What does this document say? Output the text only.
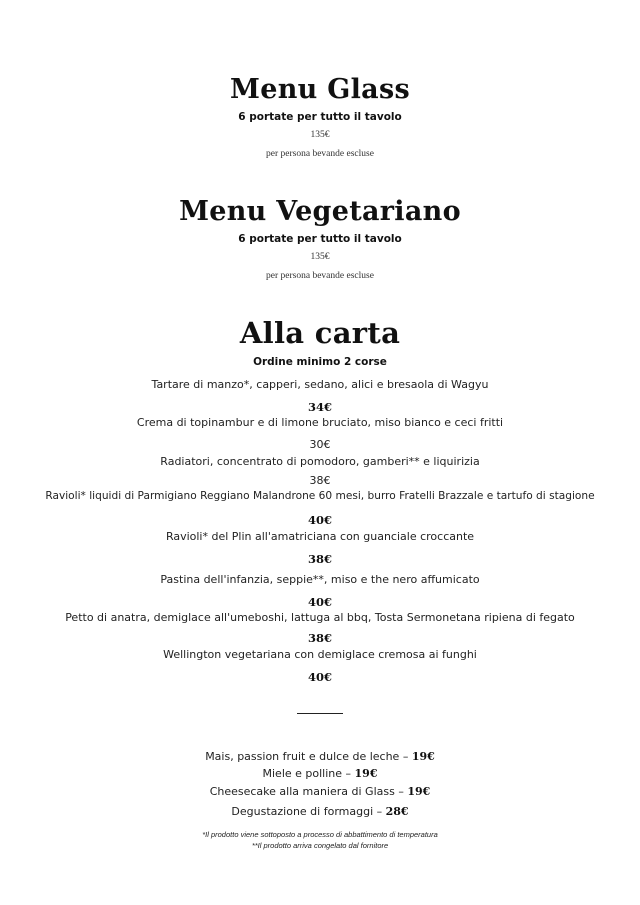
Menu Glass
6 portate per tutto il tavolo
135€
per persona bevande escluse
Menu Vegetariano
6 portate per tutto il tavolo
135€
per persona bevande escluse
Alla carta
Ordine minimo 2 corse
Tartare di manzo*, capperi, sedano, alici e bresaola di Wagyu
34€
Crema di topinambur e di limone bruciato, miso bianco e ceci fritti
30€
Radiatori, concentrato di pomodoro, gamberi** e liquirizia
38€
Ravioli* liquidi di Parmigiano Reggiano Malandrone 60 mesi, burro Fratelli Brazzale e tartufo di stagione
40€
Ravioli* del Plin all'amatriciana con guanciale croccante
38€
Pastina dell'infanzia, seppie**, miso e the nero affumicato
40€
Petto di anatra, demiglace all'umeboshi, lattuga al bbq, Tosta Sermonetana ripiena di fegato
38€
Wellington vegetariana con demiglace cremosa ai funghi
40€
Mais, passion fruit e dulce de leche – 19€
Miele e polline – 19€
Cheesecake alla maniera di Glass – 19€
Degustazione di formaggi – 28€
*Il prodotto viene sottoposto a processo di abbattimento di temperatura
**Il prodotto arriva congelato dal fornitore
